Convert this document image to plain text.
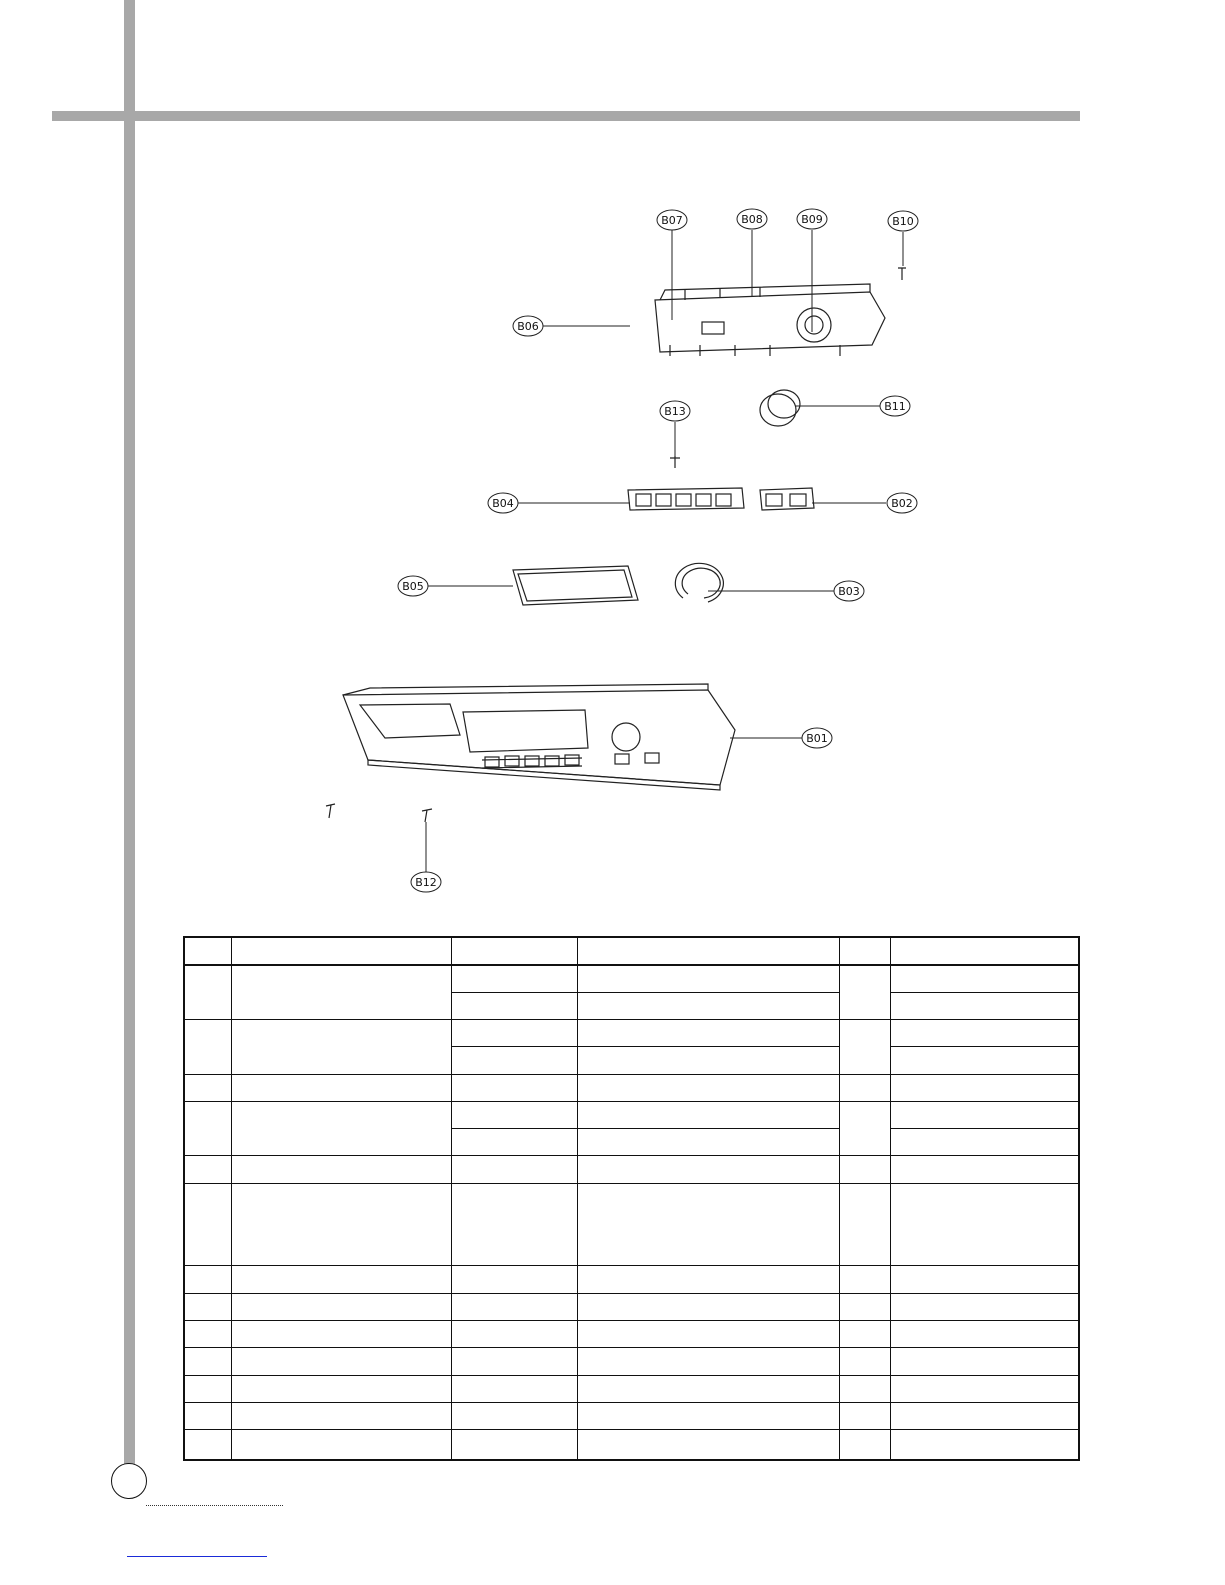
B07	B08	B09	B10
B06
B11
B13
B04	B02
B05	B03
B01
B12
